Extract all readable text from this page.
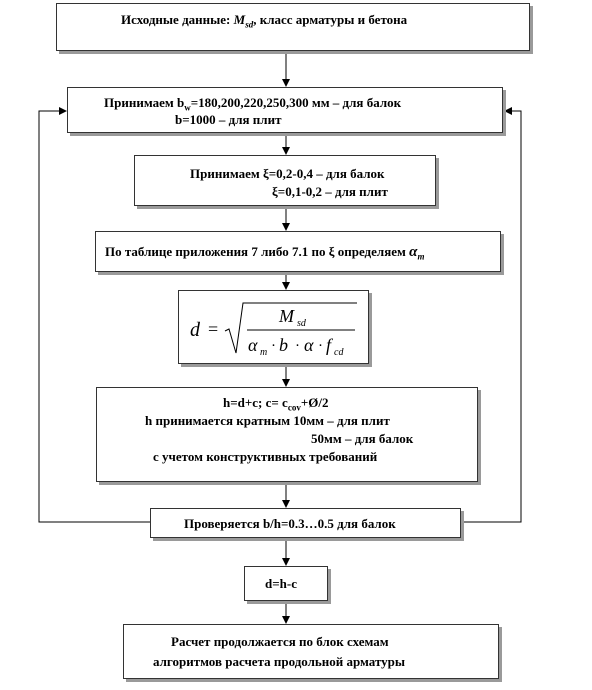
Исходные данные: $M_{sd}$, класс арматуры и бетона
Принимаем $b_w=180,200,220,250,300$ мм – для балок
b=1000 – для плит
Принимаем ξ=0,2-0,4 – для балок
ξ=0,1-0,2 – для плит
По таблице приложения 7 либо 7.1 по ξ определяем $\alpha_m$
d =
M sd
α m · b · α · f cd
h=d+c; $c= c_{cov}+Ø/2$
h принимается кратным 10мм – для плит
50мм – для балок
с учетом конструктивных требований
Проверяется b/h=0.3…0.5 для балок
d=h-c
Расчет продолжается по блок схемам
алгоритмов расчета продольной арматуры
